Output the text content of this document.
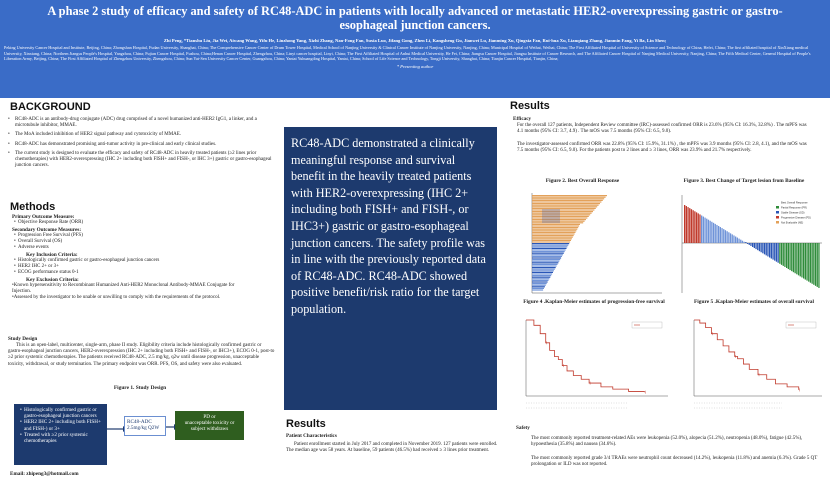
A phase 2 study of efficacy and safety of RC48-ADC in patients with locally advanced or metastatic HER2-overexpressing gastric or gastro-esophageal junction cancers.
Zhi Peng, *Tianshu Liu, Jia Wei, Aiwang Wang, Yifu He, Linzhong Yang, Xizhi Zhang, Nan-Fong Fan, Suxia Luo, Jifang Gong, Zhen Li, Kangsheng Gu, Jianwei Lu, Jianming Xu, Qingxia Fan, Rui-hua Xu, Lianqiang Zhang, Jianmin Fang, Yi Ba, Lin Shen;
Peking University Cancer Hospital and Institute, Beijing, China; Zhongshan Hospital, Fudan University, Shanghai, China; The Comprehensive Cancer Center of Drum Tower Hospital, Medical School of Nanjing University & Clinical Cancer Institute of Nanjing University, Nanjing, China; Municipal Hospital of Weihai, Weihai, China; The First Affiliated Hospital of University of Science and Technology of China, Hefei, China; The first affiliated hospital of XinXiang medical University, Xinxiang, China; Northern Jiangsu People's Hospital, Yangzhou, China; Fujian Cancer Hospital, Fuzhou, China;Henan Cancer Hospital, Zhengzhou, China; Linyi cancer hospital, Linyi, China; The First Affiliated Hospital of Anhui Medical University, He Fei, China; Jiangsu Cancer Hospital, Jiangsu Institute of Cancer Research, and The Affiliated Cancer Hospital of Nanjing Medical University, Nanjing, China; The Fifth Medical Center, General Hospital of People's Liberation Army, Beijing, China; The First Affiliated Hospital of Zhengzhou University, Zhengzhou, China; Sun Yat-Sen University Cancer Center, Guangzhou, China; Yantai Yuhuangding Hospital, Yantai, China; School of Life Science and Technology, Tongji University, Shanghai, China; Tianjin Cancer Hospital, Tianjin, China;
* Presenting author
BACKGROUND
• RC48-ADC is an antibody-drug conjugate (ADC) drug comprised of a novel humanized anti-HER2 IgG1, a linker, and a microtubule inhibitor, MMAE.
• The MoA included inhibition of HER2 signal pathway and cytotoxicity of MMAE.
• RC48-ADC has demonstrated promising anti-tumor activity in pre-clinical and early clinical studies.
• The current study is designed to evaluate the efficacy and safety of RC48-ADC in heavily treated patients (≥2 lines prior chemotherapies) with HER2-overexpressing (IHC 2+ including both FISH+ and FISH-, or IHC 3+) gastric or gastro-esophageal junction cancers.
Methods
Primary Outcome Measure:
• Objective Response Rate (ORR)
Secondary Outcome Measures:
• Progression Free Survival (PFS)
• Overall Survival (OS)
• Adverse events
Key Inclusion Criteria:
• Histologically confirmed gastric or gastro-esophageal junction cancers
• HER2 IHC 2+ or 3+
• ECOG performance status 0-1
Key Exclusion Criteria:
•Known hypersensitivity to Recombinant Humanized Anti-HER2 Monoclonal Antibody-MMAE Conjugate for Injection.
•Assessed by the investigator to be unable or unwilling to comply with the requirements of the protocol.
Study Design
This is an open-label, multicenter, single-arm, phase II study. Eligibility criteria include histologically confirmed gastric or gastro-esophageal junction cancers, HER2-overexpression (IHC 2+ including both FISH+ and FISH-, or IHC3+), ECOG 0-1, post-to ≥2 prior systemic chemotherapies. The patients received RC48-ADC, 2.5 mg/kg, q2w until disease progression, unacceptable toxicity, withdrawal, or study termination. The primary endpoint was ORR. PFS, OS, and safety were also evaluated.
Figure 1. Study Design
• Histologically confirmed gastric or gastro-esophageal junction cancers
• HER2 IHC 2+ including both FISH+ and FISH-) or 3+
• Treated with ≥2 prior systemic chemotherapies
RC48-ADC
2.5mg/kg Q2W
PD or
unacceptable toxicity or
subject withdraws
Email: zhipeng3@hotmail.com
RC48-ADC demonstrated a clinically meaningful response and survival benefit in the heavily treated patients with HER2-overexpressing (IHC 2+ including both FISH+ and FISH-, or IHC3+) gastric or gastro-esophageal junction cancers. The safety profile was in line with the previously reported data of RC48-ADC. RC48-ADC showed positive benefit/risk ratio for the target population.
Results
Patient Characteristics
Patient enrollment started in July 2017 and completed in November 2019. 127 patients were enrolled. The median age was 58 years. At baseline, 59 patients (46.5%) had received ≥ 3 lines prior treatment.
Results
Efficacy
For the overall 127 patients, Independent Review committee (IRC)-assessed confirmed ORR is 23.6% (95% CI: 16.3%, 32.8%) . The mPFS was 4.1 months (95% CI: 3.7, 4.9) . The mOS was 7.5 months (95% CI: 6.5, 9.0).
The investigator-assessed confirmed ORR was 22.8% (95% CI: 15.9%, 31.1%) , the mPFS was 3.9 months (95% CI: 2.8, 4.1), and the mOS was 7.5 months (95% CI: 6.5, 9.0). For the patients post to 2 lines and ≥ 3 lines, ORR was 23.9% and 21.7% respectively.
Figure 2. Best Overall Response	Figure 3. Best Change of Target lesion from Baseline
Best Overall Response
Partial Response (PR)
Stable Disease (SD)
Progressive Disease (PD)
Not Evaluable (NE)
Figure 4 .Kaplan-Meier estimates of progression-free survival	Figure 5 .Kaplan-Meier estimates of overall survival
Safety
The most commonly reported treatment-related AEs were leukopenia (52.0%), alopecia (51.2%), neutropenia (48.0%), fatigue (42.5%), hypoesthesia (35.8%) and nausea (34.6%).
The most commonly reported grade 3/4 TRAEs were neutrophil count decreased (14.2%), leukopenia (11.8%) and anemia (6.3%). Grade 5 QT prolongation or ILD was not reported.
